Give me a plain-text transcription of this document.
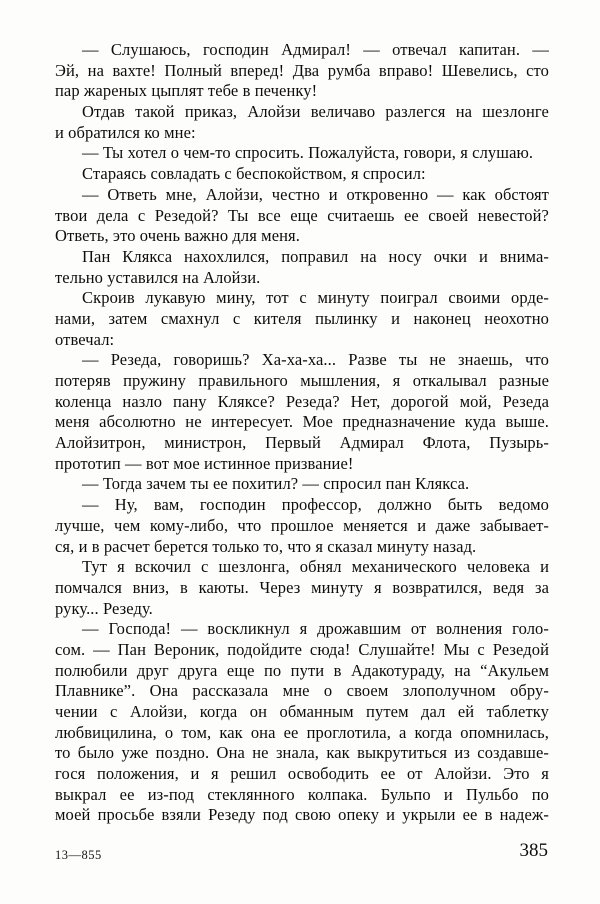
— Слушаюсь, господин Адмирал! — отвечал капитан. —
Эй, на вахте! Полный вперед! Два румба вправо! Шевелись, сто
пар жареных цыплят тебе в печенку!
Отдав такой приказ, Алойзи величаво разлегся на шезлонге
и обратился ко мне:
— Ты хотел о чем-то спросить. Пожалуйста, говори, я слушаю.
Стараясь совладать с беспокойством, я спросил:
— Ответь мне, Алойзи, честно и откровенно — как обстоят
твои дела с Резедой? Ты все еще считаешь ее своей невестой?
Ответь, это очень важно для меня.
Пан Клякса нахохлился, поправил на носу очки и внима-
тельно уставился на Алойзи.
Скроив лукавую мину, тот с минуту поиграл своими орде-
нами, затем смахнул с кителя пылинку и наконец неохотно
отвечал:
— Резеда, говоришь? Ха-ха-ха... Разве ты не знаешь, что
потеряв пружину правильного мышления, я откалывал разные
коленца назло пану Кляксе? Резеда? Нет, дорогой мой, Резеда
меня абсолютно не интересует. Мое предназначение куда выше.
Алойзитрон, министрон, Первый Адмирал Флота, Пузырь-
прототип — вот мое истинное призвание!
— Тогда зачем ты ее похитил? — спросил пан Клякса.
— Ну, вам, господин профессор, должно быть ведомо
лучше, чем кому-либо, что прошлое меняется и даже забывает-
ся, и в расчет берется только то, что я сказал минуту назад.
Тут я вскочил с шезлонга, обнял механического человека и
помчался вниз, в каюты. Через минуту я возвратился, ведя за
руку... Резеду.
— Господа! — воскликнул я дрожавшим от волнения голо-
сом. — Пан Вероник, подойдите сюда! Слушайте! Мы с Резедой
полюбили друг друга еще по пути в Адакотураду, на “Акульем
Плавнике”. Она рассказала мне о своем злополучном обру-
чении с Алойзи, когда он обманным путем дал ей таблетку
любвицилина, о том, как она ее проглотила, а когда опомнилась,
то было уже поздно. Она не знала, как выкрутиться из создавше-
гося положения, и я решил освободить ее от Алойзи. Это я
выкрал ее из-под стеклянного колпака. Бульпо и Пульбо по
моей просьбе взяли Резеду под свою опеку и укрыли ее в надеж-
13—855	385
